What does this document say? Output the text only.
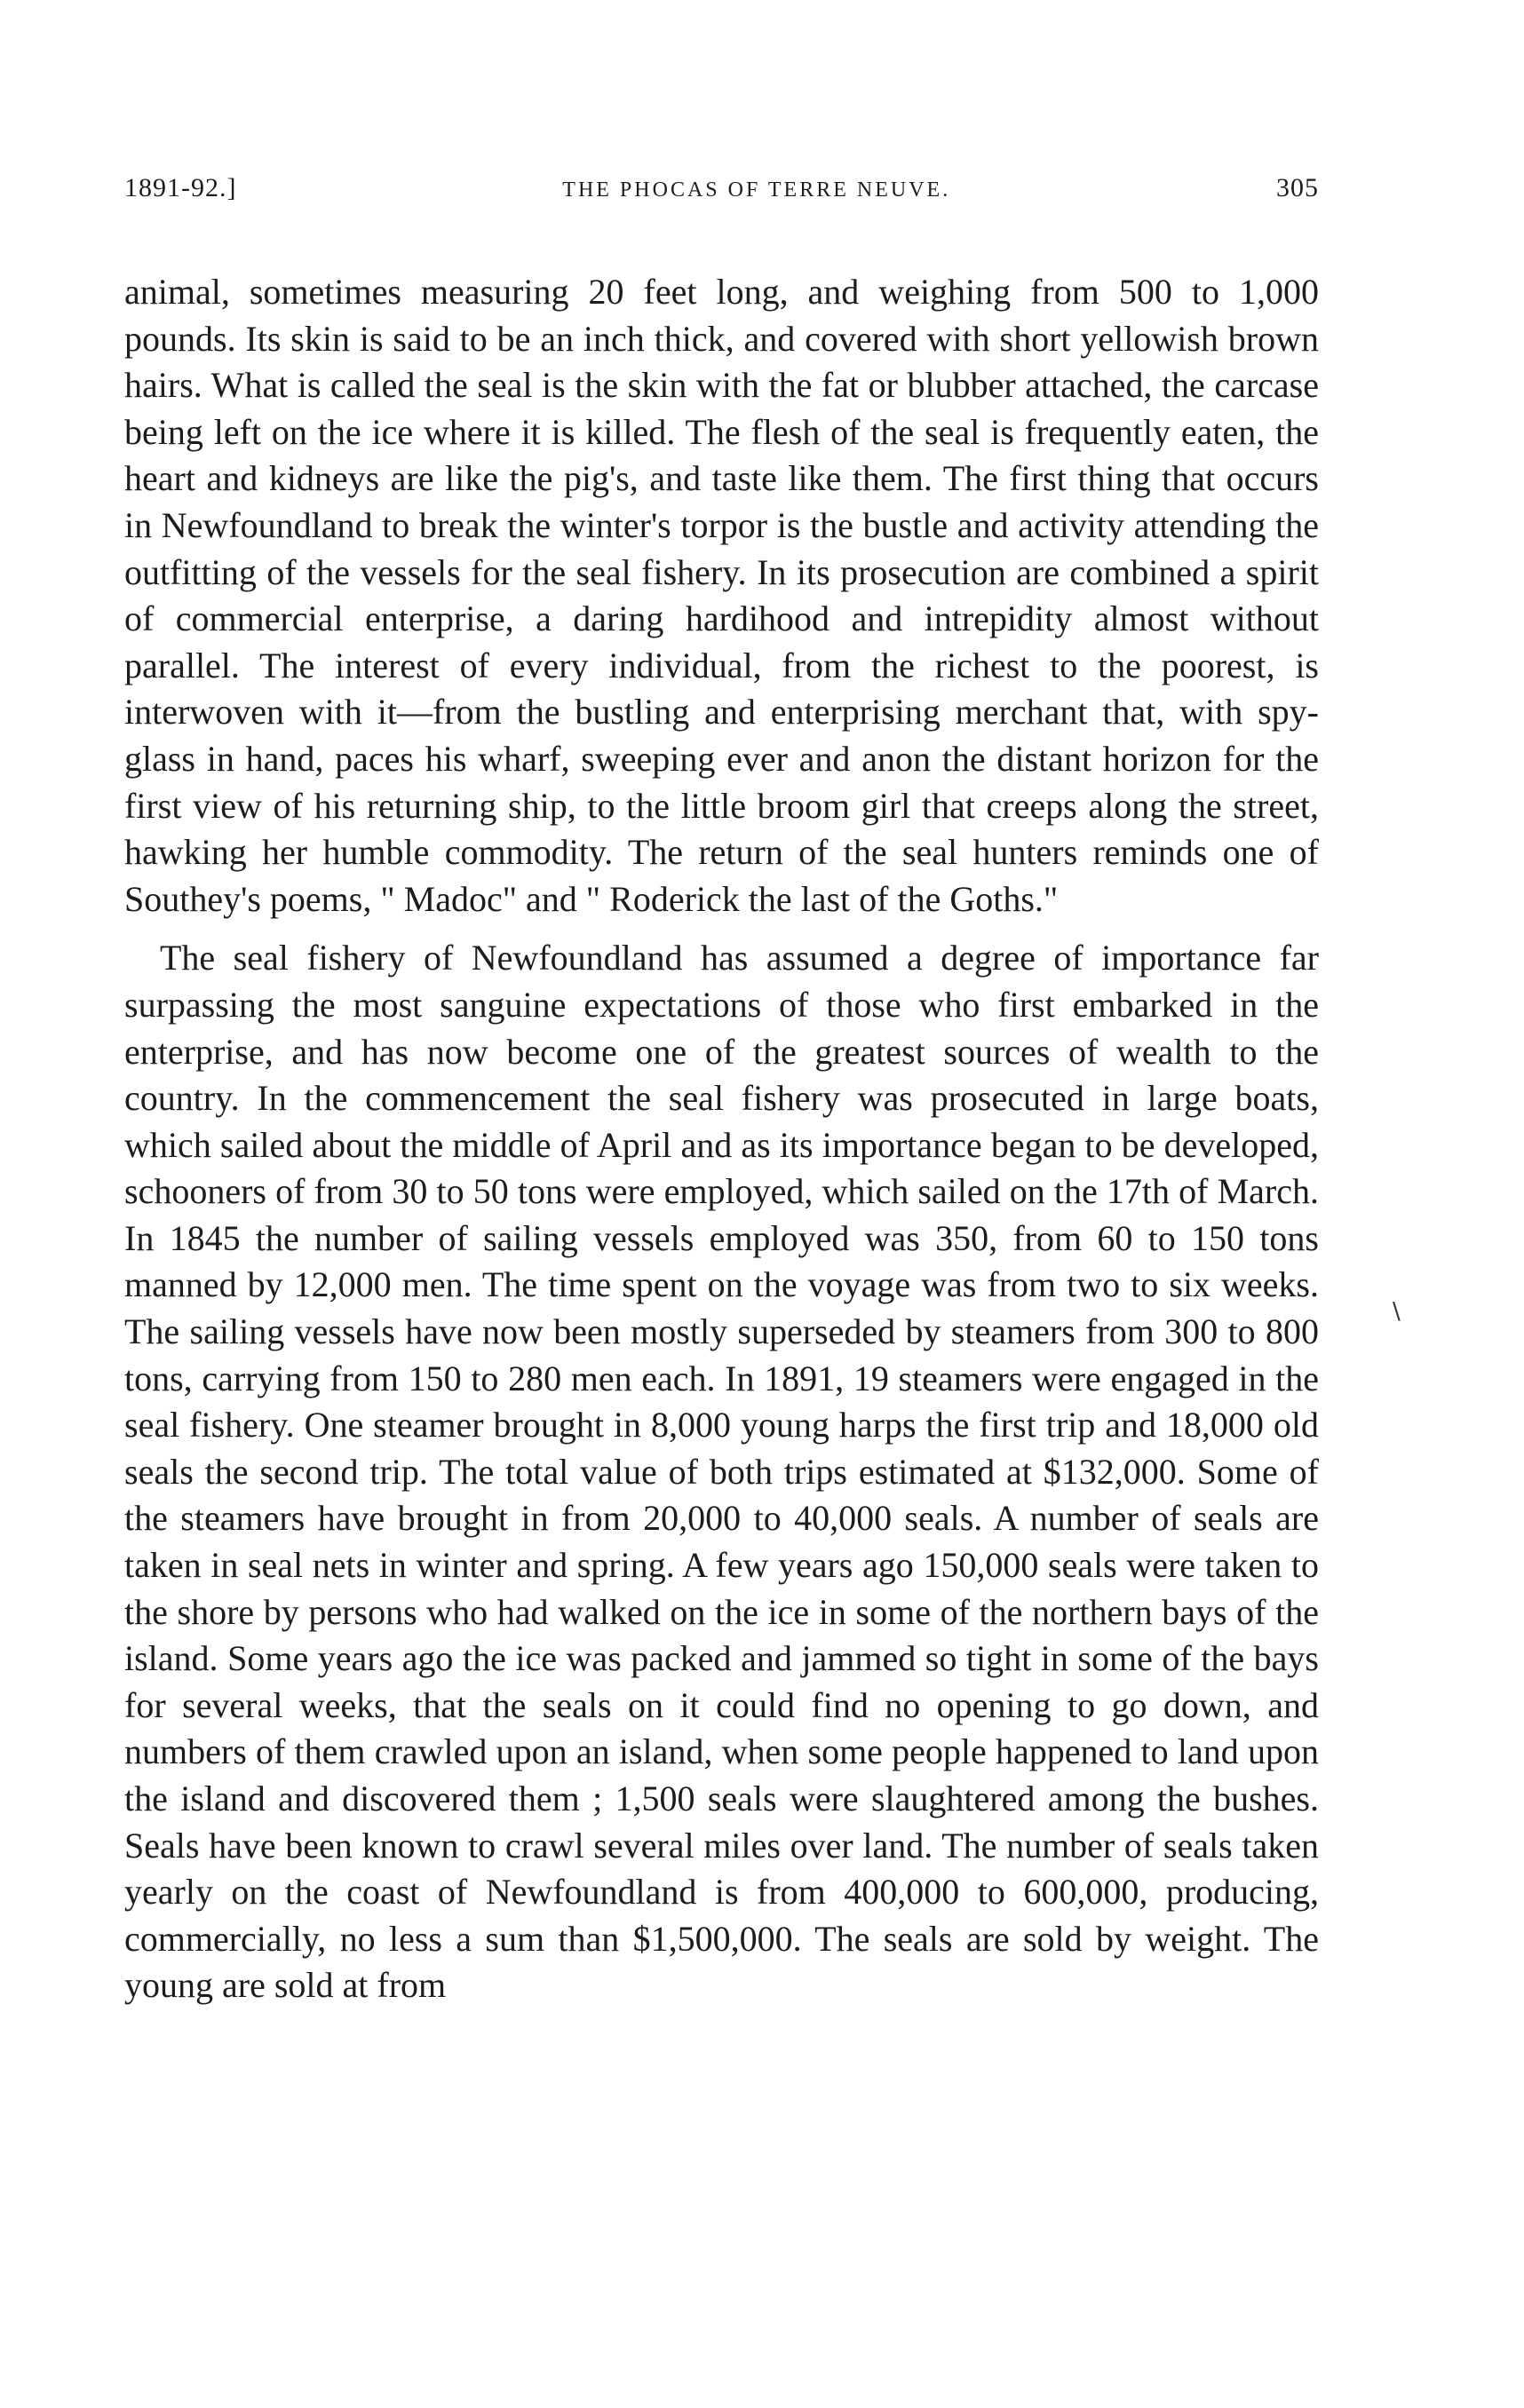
1891-92.]	THE PHOCAS OF TERRE NEUVE.	305

animal, sometimes measuring 20 feet long, and weighing from 500 to 1,000 pounds. Its skin is said to be an inch thick, and covered with short yellowish brown hairs. What is called the seal is the skin with the fat or blubber attached, the carcase being left on the ice where it is killed. The flesh of the seal is frequently eaten, the heart and kidneys are like the pig's, and taste like them. The first thing that occurs in Newfoundland to break the winter's torpor is the bustle and activity attending the outfitting of the vessels for the seal fishery. In its prosecution are combined a spirit of commercial enterprise, a daring hardihood and intrepidity almost without parallel. The interest of every individual, from the richest to the poorest, is interwoven with it—from the bustling and enterprising merchant that, with spy-glass in hand, paces his wharf, sweeping ever and anon the distant horizon for the first view of his returning ship, to the little broom girl that creeps along the street, hawking her humble commodity. The return of the seal hunters reminds one of Southey's poems, " Madoc" and " Roderick the last of the Goths."

The seal fishery of Newfoundland has assumed a degree of importance far surpassing the most sanguine expectations of those who first embarked in the enterprise, and has now become one of the greatest sources of wealth to the country. In the commencement the seal fishery was prosecuted in large boats, which sailed about the middle of April and as its importance began to be developed, schooners of from 30 to 50 tons were employed, which sailed on the 17th of March. In 1845 the number of sailing vessels employed was 350, from 60 to 150 tons manned by 12,000 men. The time spent on the voyage was from two to six weeks. The sailing vessels have now been mostly superseded by steamers from 300 to 800 tons, carrying from 150 to 280 men each. In 1891, 19 steamers were engaged in the seal fishery. One steamer brought in 8,000 young harps the first trip and 18,000 old seals the second trip. The total value of both trips estimated at $132,000. Some of the steamers have brought in from 20,000 to 40,000 seals. A number of seals are taken in seal nets in winter and spring. A few years ago 150,000 seals were taken to the shore by persons who had walked on the ice in some of the northern bays of the island. Some years ago the ice was packed and jammed so tight in some of the bays for several weeks, that the seals on it could find no opening to go down, and numbers of them crawled upon an island, when some people happened to land upon the island and discovered them ; 1,500 seals were slaughtered among the bushes. Seals have been known to crawl several miles over land. The number of seals taken yearly on the coast of Newfoundland is from 400,000 to 600,000, producing, commercially, no less a sum than $1,500,000. The seals are sold by weight. The young are sold at from

∖
